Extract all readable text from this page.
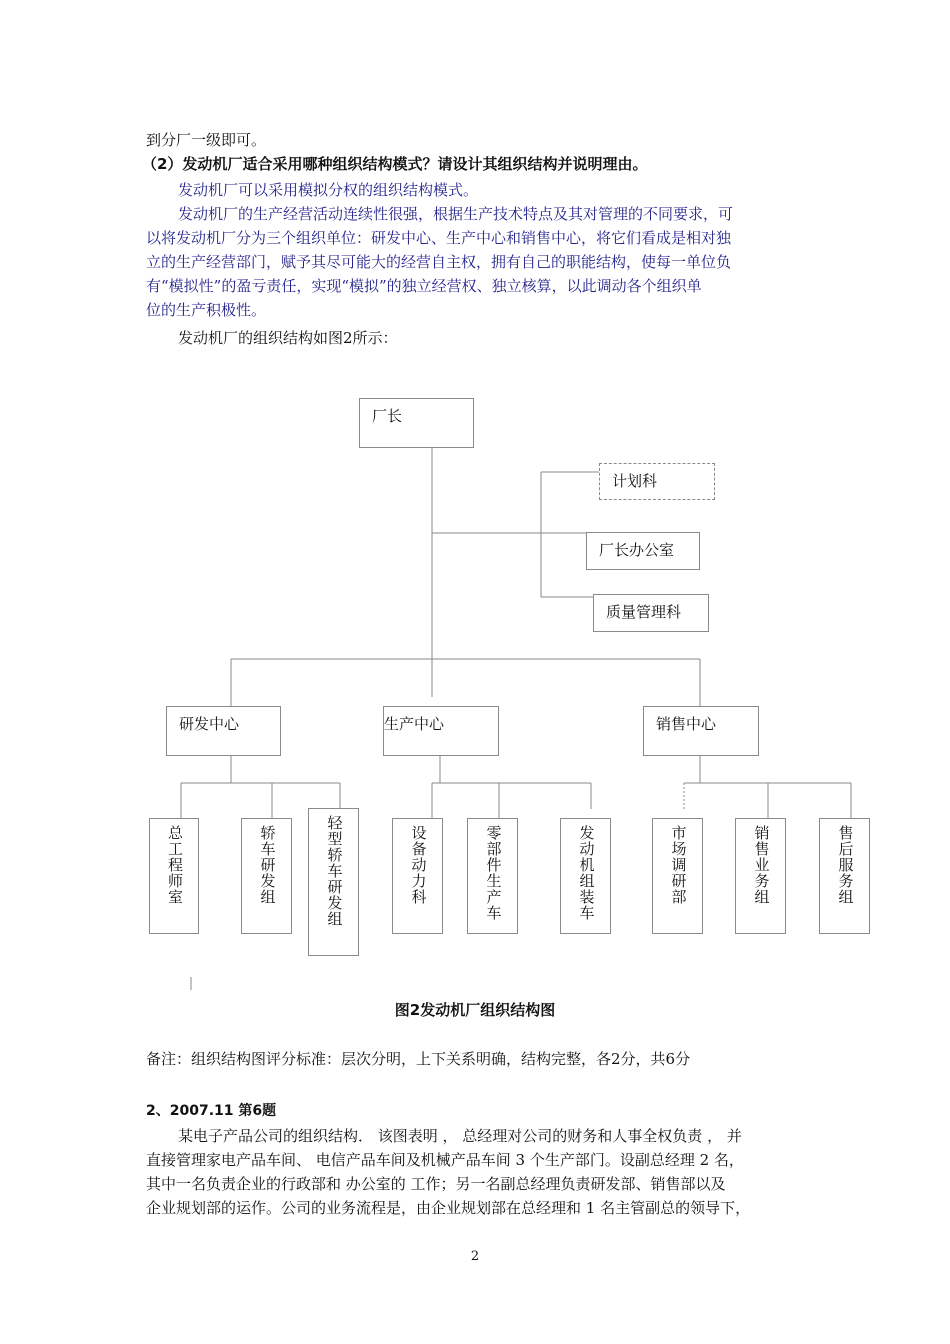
到分厂一级即可。
（2）发动机厂适合采用哪种组织结构模式？请设计其组织结构并说明理由。
发动机厂可以采用模拟分权的组织结构模式。
发动机厂的生产经营活动连续性很强，根据生产技术特点及其对管理的不同要求，可
以将发动机厂分为三个组织单位：研发中心、生产中心和销售中心，将它们看成是相对独
立的生产经营部门，赋予其尽可能大的经营自主权，拥有自己的职能结构，使每一单位负
有“模拟性”的盈亏责任，实现“模拟”的独立经营权、独立核算，以此调动各个组织单
位的生产积极性。
发动机厂的组织结构如图2所示：
厂长
计划科
厂长办公室
质量管理科
研发中心	生产中心	销售中心
总工程师室	轿车研发组	轻型轿车研发组	设备动力科	零部件生产车	发动机组装车	市场调研部	销售业务组	售后服务组
图2发动机厂组织结构图
备注：组织结构图评分标准：层次分明，上下关系明确，结构完整，各2分，共6分
2、2007.11 第6题
某电子产品公司的组织结构． 该图表明 ， 总经理对公司的财务和人事全权负责 ， 并
直接管理家电产品车间、 电信产品车间及机械产品车间 3 个生产部门。设副总经理 2 名，
其中一名负责企业的行政部和 办公室的 工作；另一名副总经理负责研发部、销售部以及
企业规划部的运作。公司的业务流程是，由企业规划部在总经理和 1 名主管副总的领导下，
2
